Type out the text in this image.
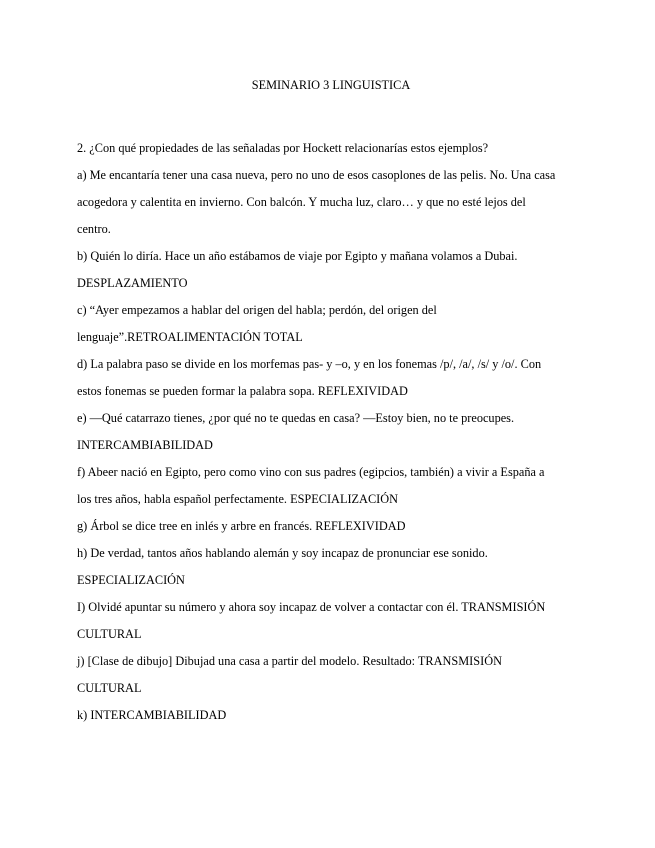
SEMINARIO 3 LINGUISTICA

2. ¿Con qué propiedades de las señaladas por Hockett relacionarías estos ejemplos?

a) Me encantaría tener una casa nueva, pero no uno de esos casoplones de las pelis. No. Una casa

acogedora y calentita en invierno. Con balcón. Y mucha luz, claro… y que no esté lejos del

centro.

b) Quién lo diría. Hace un año estábamos de viaje por Egipto y mañana volamos a Dubai.

DESPLAZAMIENTO

c) “Ayer empezamos a hablar del origen del habla; perdón, del origen del

lenguaje”.RETROALIMENTACIÓN TOTAL

d) La palabra paso se divide en los morfemas pas- y –o, y en los fonemas /p/, /a/, /s/ y /o/. Con

estos fonemas se pueden formar la palabra sopa. REFLEXIVIDAD

e) —Qué catarrazo tienes, ¿por qué no te quedas en casa? —Estoy bien, no te preocupes.

INTERCAMBIABILIDAD

f) Abeer nació en Egipto, pero como vino con sus padres (egipcios, también) a vivir a España a

los tres años, habla español perfectamente. ESPECIALIZACIÓN

g) Árbol se dice tree en inlés y arbre en francés. REFLEXIVIDAD

h) De verdad, tantos años hablando alemán y soy incapaz de pronunciar ese sonido.

ESPECIALIZACIÓN

I) Olvidé apuntar su número y ahora soy incapaz de volver a contactar con él. TRANSMISIÓN

CULTURAL

j) [Clase de dibujo] Dibujad una casa a partir del modelo. Resultado: TRANSMISIÓN

CULTURAL

k) INTERCAMBIABILIDAD
